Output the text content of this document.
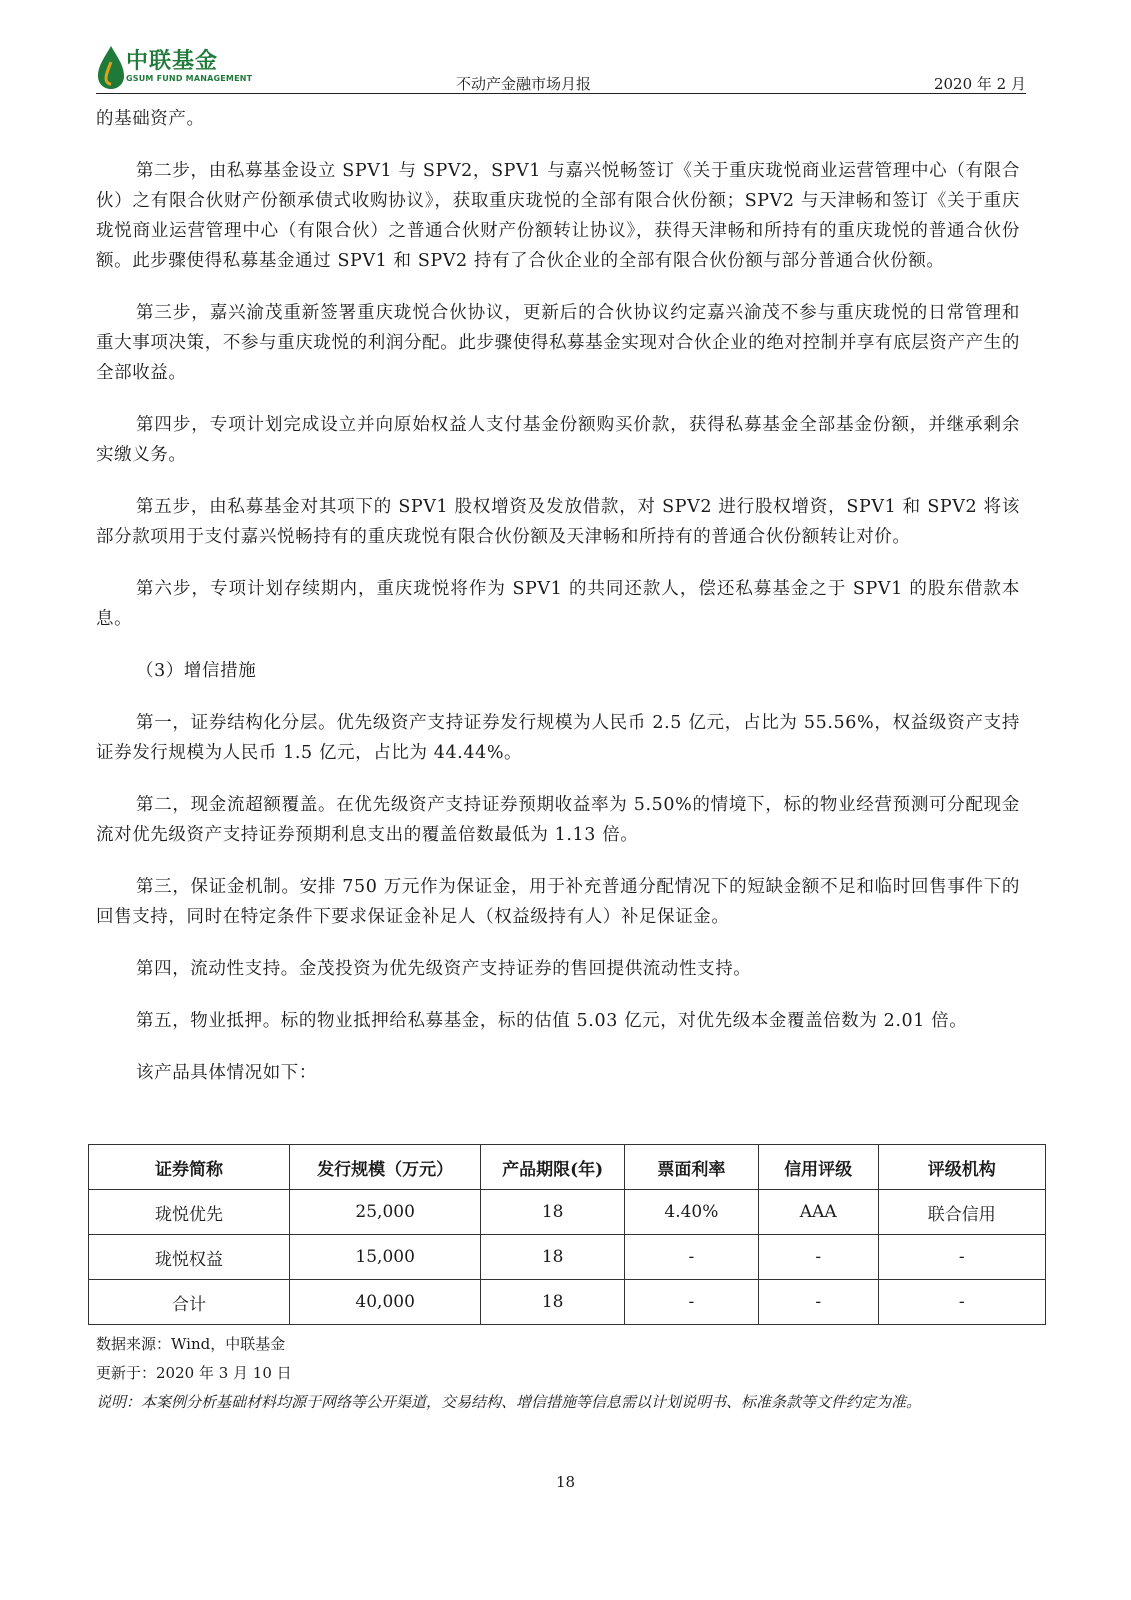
中联基金
GSUM FUND MANAGEMENT	不动产金融市场月报	2020 年 2 月

的基础资产。

第二步，由私募基金设立 SPV1 与 SPV2，SPV1 与嘉兴悦畅签订《关于重庆珑悦商业运营管理中心（有限合伙）之有限合伙财产份额承债式收购协议》，获取重庆珑悦的全部有限合伙份额；SPV2 与天津畅和签订《关于重庆珑悦商业运营管理中心（有限合伙）之普通合伙财产份额转让协议》，获得天津畅和所持有的重庆珑悦的普通合伙份额。此步骤使得私募基金通过 SPV1 和 SPV2 持有了合伙企业的全部有限合伙份额与部分普通合伙份额。

第三步，嘉兴渝茂重新签署重庆珑悦合伙协议，更新后的合伙协议约定嘉兴渝茂不参与重庆珑悦的日常管理和重大事项决策，不参与重庆珑悦的利润分配。此步骤使得私募基金实现对合伙企业的绝对控制并享有底层资产产生的全部收益。

第四步，专项计划完成设立并向原始权益人支付基金份额购买价款，获得私募基金全部基金份额，并继承剩余实缴义务。

第五步，由私募基金对其项下的 SPV1 股权增资及发放借款，对 SPV2 进行股权增资，SPV1 和 SPV2 将该部分款项用于支付嘉兴悦畅持有的重庆珑悦有限合伙份额及天津畅和所持有的普通合伙份额转让对价。

第六步，专项计划存续期内，重庆珑悦将作为 SPV1 的共同还款人，偿还私募基金之于 SPV1 的股东借款本息。

（3）增信措施

第一，证券结构化分层。优先级资产支持证券发行规模为人民币 2.5 亿元，占比为 55.56%，权益级资产支持证券发行规模为人民币 1.5 亿元，占比为 44.44%。

第二，现金流超额覆盖。在优先级资产支持证券预期收益率为 5.50%的情境下，标的物业经营预测可分配现金流对优先级资产支持证券预期利息支出的覆盖倍数最低为 1.13 倍。

第三，保证金机制。安排 750 万元作为保证金，用于补充普通分配情况下的短缺金额不足和临时回售事件下的回售支持，同时在特定条件下要求保证金补足人（权益级持有人）补足保证金。

第四，流动性支持。金茂投资为优先级资产支持证券的售回提供流动性支持。

第五，物业抵押。标的物业抵押给私募基金，标的估值 5.03 亿元，对优先级本金覆盖倍数为 2.01 倍。

该产品具体情况如下：

证券简称	发行规模（万元）	产品期限(年)	票面利率	信用评级	评级机构
珑悦优先	25,000	18	4.40%	AAA	联合信用
珑悦权益	15,000	18	-	-	-
合计	40,000	18	-	-	-
数据来源：Wind，中联基金
更新于：2020 年 3 月 10 日
说明：本案例分析基础材料均源于网络等公开渠道，交易结构、增信措施等信息需以计划说明书、标准条款等文件约定为准。
18
